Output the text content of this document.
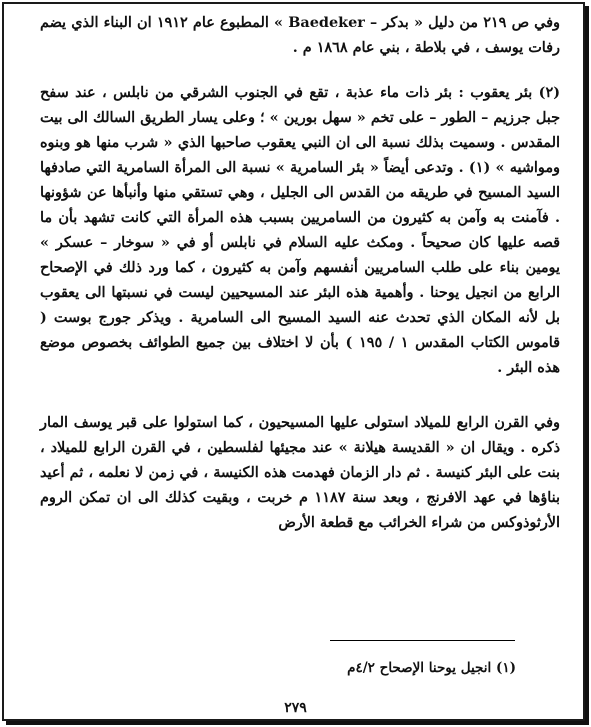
وفي ص ٢١٩ من دليل « بدكر – Baedeker » المطبوع عام ١٩١٢ ان البناء الذي يضم رفات يوسف ، في بلاطة ، بني عام ١٨٦٨ م .

(٢) بئر يعقوب : بئر ذات ماء عذبة ، تقع في الجنوب الشرقي من نابلس ، عند سفح جبل جرزيم – الطور – على تخم « سهل بورين » ؛ وعلى يسار الطريق السالك الى بيت المقدس . وسميت بذلك نسبة الى ان النبي يعقوب صاحبها الذي « شرب منها هو وبنوه ومواشيه » (١) . وتدعى أيضاً « بئر السامرية » نسبة الى المرأة السامرية التي صادفها السيد المسيح في طريقه من القدس الى الجليل ، وهي تستقي منها وأنبأها عن شؤونها . فآمنت به وآمن به كثيرون من السامريين بسبب هذه المرأة التي كانت تشهد بأن ما قصه عليها كان صحيحاً . ومكث عليه السلام في نابلس أو في « سوخار – عسكر » يومين بناء على طلب السامريين أنفسهم وآمن به كثيرون ، كما ورد ذلك في الإصحاح الرابع من انجيل يوحنا . وأهمية هذه البئر عند المسيحيين ليست في نسبتها الى يعقوب بل لأنه المكان الذي تحدث عنه السيد المسيح الى السامرية . ويذكر جورج بوست ( قاموس الكتاب المقدس ١ / ١٩٥ ) بأن لا اختلاف بين جميع الطوائف بخصوص موضع هذه البئر .

وفي القرن الرابع للميلاد استولى عليها المسيحيون ، كما استولوا على قبر يوسف المار ذكره . ويقال ان « القديسة هيلانة » عند مجيئها لفلسطين ، في القرن الرابع للميلاد ، بنت على البئر كنيسة . ثم دار الزمان فهدمت هذه الكنيسة ، في زمن لا نعلمه ، ثم أعيد بناؤها في عهد الافرنج ، وبعد سنة ١١٨٧ م خربت ، وبقيت كذلك الى ان تمكن الروم الأرثوذوكس من شراء الخرائب مع قطعة الأرض

(١) انجيل يوحنا الإصحاح ٤/٢م
٢٧٩
